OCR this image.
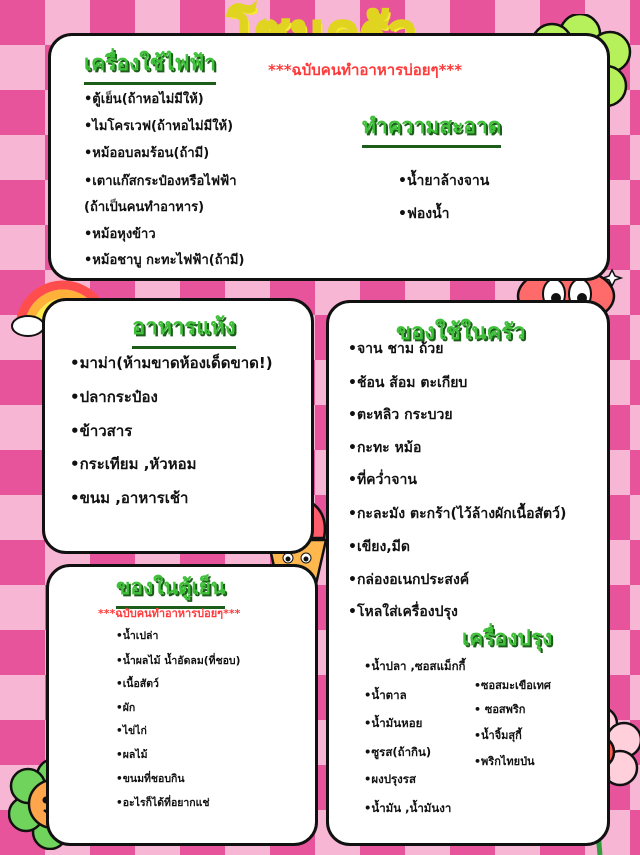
เครื่องใช้ไฟฟ้า	***ฉบับคนทำอาหารบ่อยๆ***
•ตู้เย็น(ถ้าหอไม่มีให้)
•ไมโครเวฟ(ถ้าหอไม่มีให้)
•หม้ออบลมร้อน(ถ้ามี)
•เตาแก๊สกระป๋องหรือไฟฟ้า
(ถ้าเป็นคนทำอาหาร)
•หม้อหุงข้าว
•หม้อชาบู กะทะไฟฟ้า(ถ้ามี)
ทำความสะอาด
•น้ำยาล้างจาน
•ฟองน้ำ
อาหารแห้ง
•มาม่า(ห้ามขาดห้องเด็ดขาด!)
•ปลากระป๋อง
•ข้าวสาร
•กระเทียม ,หัวหอม
•ขนม ,อาหารเช้า
ของใช้ในครัว
•จาน ชาม ถ้วย
•ช้อน ส้อม ตะเกียบ
•ตะหลิว กระบวย
•กะทะ หม้อ
•ที่คว่ำจาน
•กะละมัง ตะกร้า(ไว้ล้างผักเนื้อสัตว์)
•เขียง,มีด
•กล่องอเนกประสงค์
•โหลใส่เครื่องปรุง
เครื่องปรุง
•น้ำปลา ,ซอสแม็กกี้
•น้ำตาล
•น้ำมันหอย
•ซูรส(ถ้ากิน)
•ผงปรุงรส
•น้ำมัน ,น้ำมันงา
•ซอสมะเขือเทศ
• ซอสพริก
•น้ำจิ้มสุกี้
•พริกไทยป่น
ของในตู้เย็น
***ฉบับคนทำอาหารบ่อยๆ***
•น้ำเปล่า
•น้ำผลไม้ น้ำอัดลม(ที่ชอบ)
•เนื้อสัตว์
•ผัก
•ไข่ไก่
•ผลไม้
•ขนมที่ชอบกิน
•อะไรก็ได้ที่อยากแช่
